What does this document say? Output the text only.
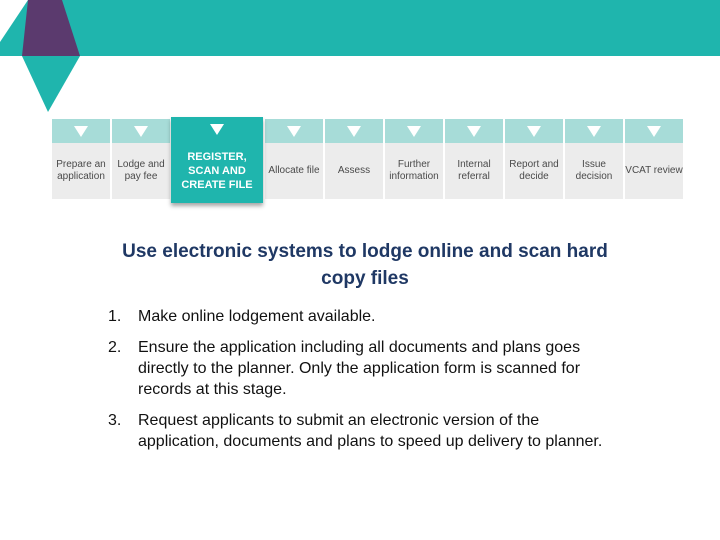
Prepare an application
Lodge and pay fee
REGISTER, SCAN AND CREATE FILE
Allocate file	Assess
Further information
Internal referral
Report and decide
Issue decision
VCAT review
Use electronic systems to lodge online and scan hard copy files
1. Make online lodgement available.
2. Ensure the application including all documents and plans goes directly to the planner. Only the application form is scanned for records at this stage.
3. Request applicants to submit an electronic version of the application, documents and plans to speed up delivery to planner.
